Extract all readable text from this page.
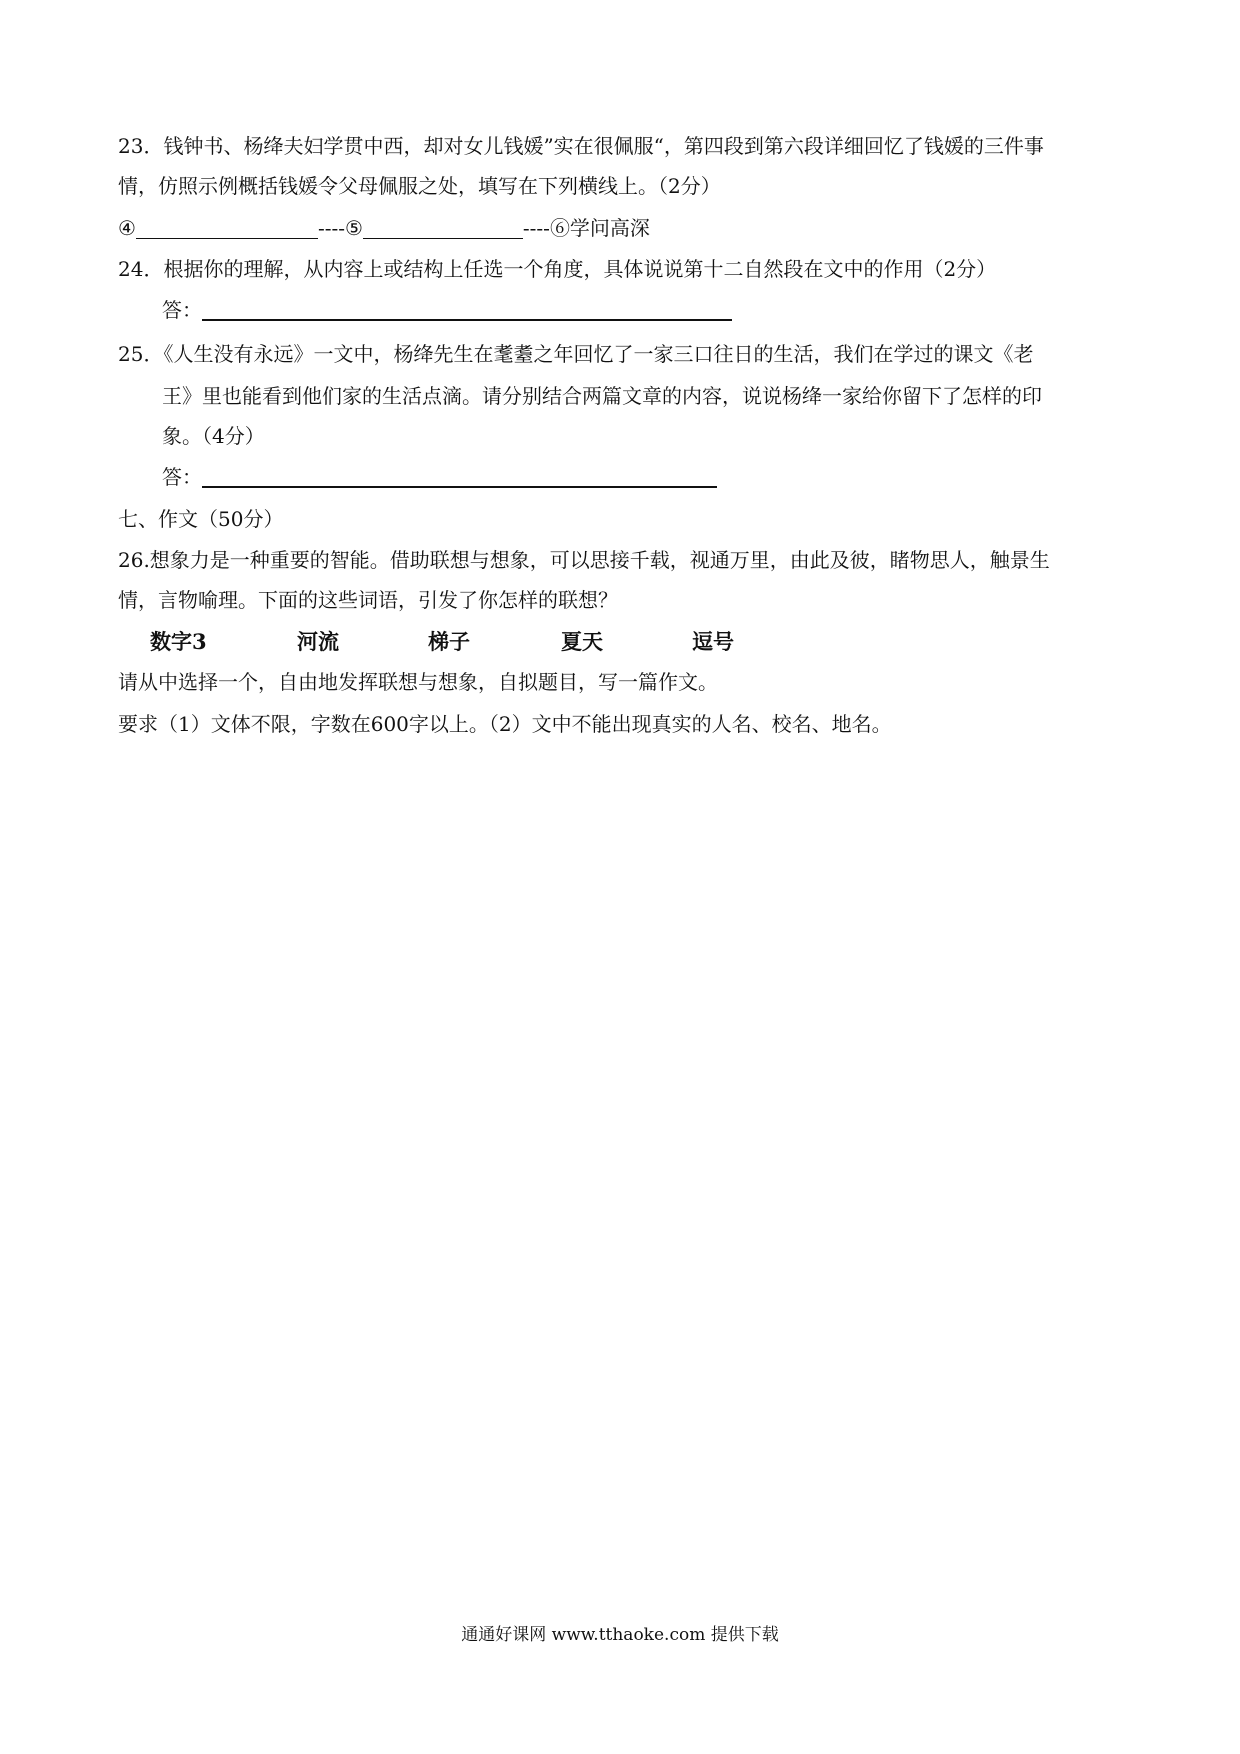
23．钱钟书、杨绛夫妇学贯中西，却对女儿钱媛”实在很佩服“，第四段到第六段详细回忆了钱媛的三件事
情，仿照示例概括钱媛令父母佩服之处，填写在下列横线上。（2分）
④	----⑤	----⑥学问高深
24．根据你的理解，从内容上或结构上任选一个角度，具体说说第十二自然段在文中的作用（2分）
答：
25．《人生没有永远》一文中，杨绛先生在耄耋之年回忆了一家三口往日的生活，我们在学过的课文《老
王》里也能看到他们家的生活点滴。请分别结合两篇文章的内容，说说杨绛一家给你留下了怎样的印
象。（4分）
答：
七、作文（50分）
26.想象力是一种重要的智能。借助联想与想象，可以思接千载，视通万里，由此及彼，睹物思人，触景生
情，言物喻理。下面的这些词语，引发了你怎样的联想？
数字3	河流	梯子	夏天	逗号
请从中选择一个，自由地发挥联想与想象，自拟题目，写一篇作文。
要求（1）文体不限，字数在600字以上。（2）文中不能出现真实的人名、校名、地名。
通通好课网 www.tthaoke.com 提供下载
